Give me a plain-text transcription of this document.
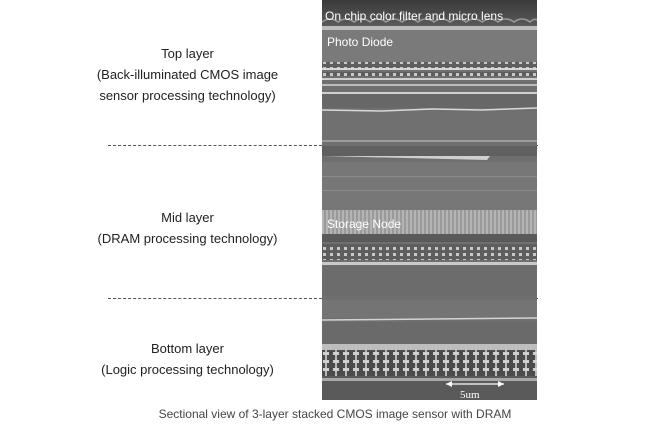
Top layer
(Back-illuminated CMOS image
sensor processing technology)
Mid layer
(DRAM processing technology)
Bottom layer
(Logic processing technology)
On chip color filter and micro lens
Photo Diode
Storage Node
5um
Sectional view of 3-layer stacked CMOS image sensor with DRAM
